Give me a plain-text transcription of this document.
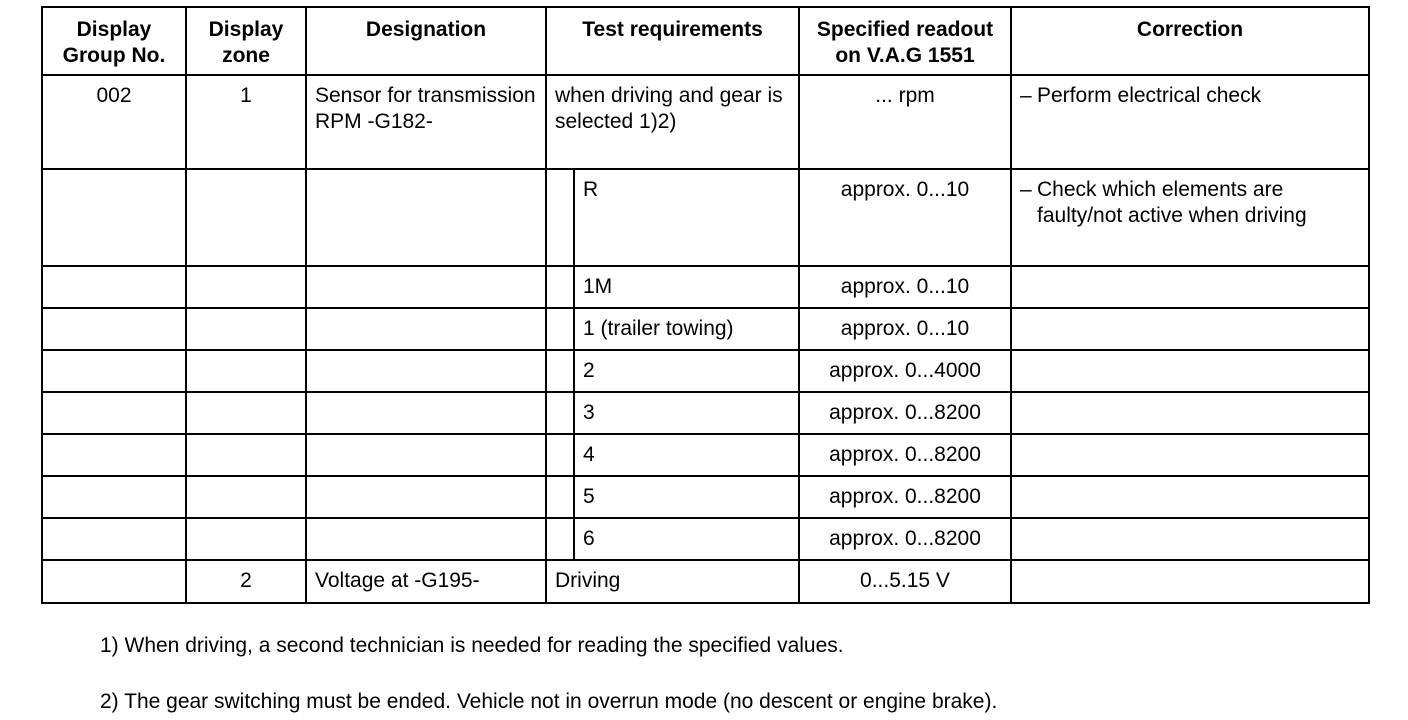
Display Group No.	Display zone	Designation	Test requirements		Specified readout on V.A.G 1551	Correction
002	1	Sensor for transmission RPM -G182-	when driving and gear is selected 1)2)		... rpm	– Perform electrical check
				R	approx. 0...10	– Check which elements are faulty/not active when driving
				1M	approx. 0...10	
				1 (trailer towing)	approx. 0...10	
				2	approx. 0...4000	
				3	approx. 0...8200	
				4	approx. 0...8200	
				5	approx. 0...8200	
				6	approx. 0...8200	
	2	Voltage at -G195-	Driving		0...5.15 V	
1) When driving, a second technician is needed for reading the specified values.
2) The gear switching must be ended. Vehicle not in overrun mode (no descent or engine brake).
